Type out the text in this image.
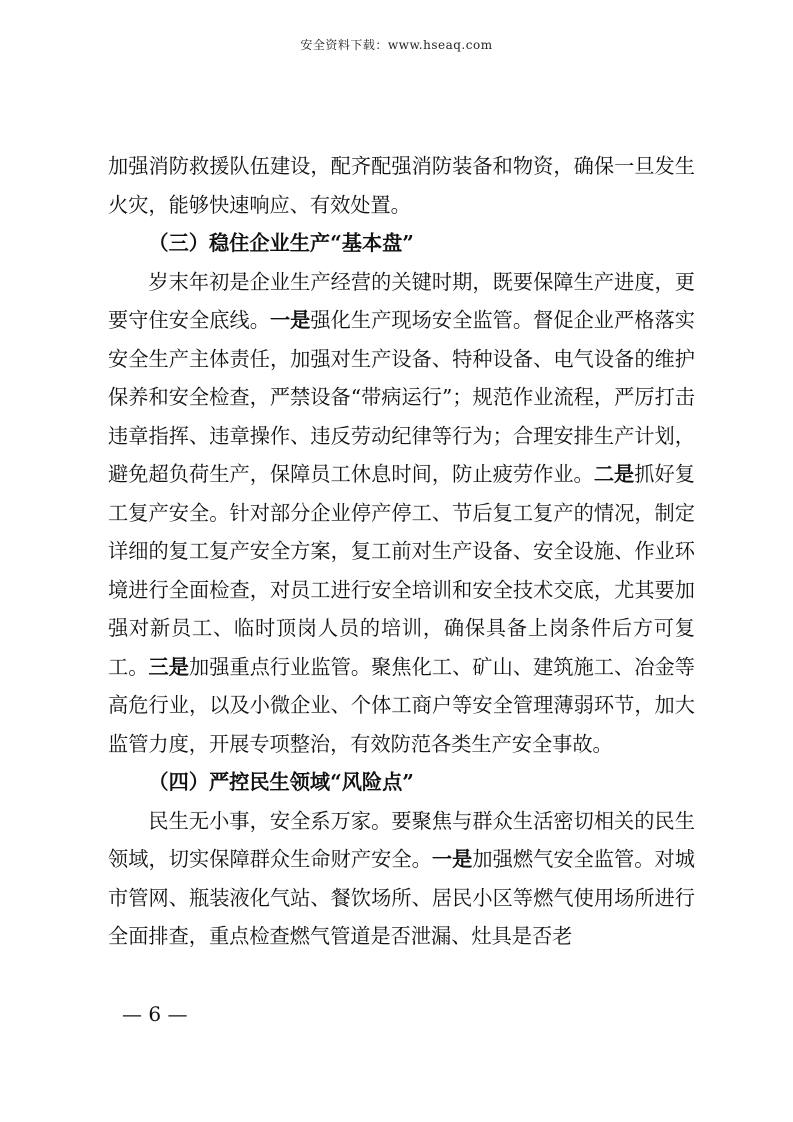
安全资料下载：www.hseaq.com

加强消防救援队伍建设，配齐配强消防装备和物资，确保一旦发生火灾，能够快速响应、有效处置。

（三）稳住企业生产“基本盘”

岁末年初是企业生产经营的关键时期，既要保障生产进度，更要守住安全底线。一是强化生产现场安全监管。督促企业严格落实安全生产主体责任，加强对生产设备、特种设备、电气设备的维护保养和安全检查，严禁设备“带病运行”；规范作业流程，严厉打击违章指挥、违章操作、违反劳动纪律等行为；合理安排生产计划，避免超负荷生产，保障员工休息时间，防止疲劳作业。二是抓好复工复产安全。针对部分企业停产停工、节后复工复产的情况，制定详细的复工复产安全方案，复工前对生产设备、安全设施、作业环境进行全面检查，对员工进行安全培训和安全技术交底，尤其要加强对新员工、临时顶岗人员的培训，确保具备上岗条件后方可复工。三是加强重点行业监管。聚焦化工、矿山、建筑施工、冶金等高危行业，以及小微企业、个体工商户等安全管理薄弱环节，加大监管力度，开展专项整治，有效防范各类生产安全事故。

（四）严控民生领域“风险点”

民生无小事，安全系万家。要聚焦与群众生活密切相关的民生领域，切实保障群众生命财产安全。一是加强燃气安全监管。对城市管网、瓶装液化气站、餐饮场所、居民小区等燃气使用场所进行全面排查，重点检查燃气管道是否泄漏、灶具是否老

— 6 —
